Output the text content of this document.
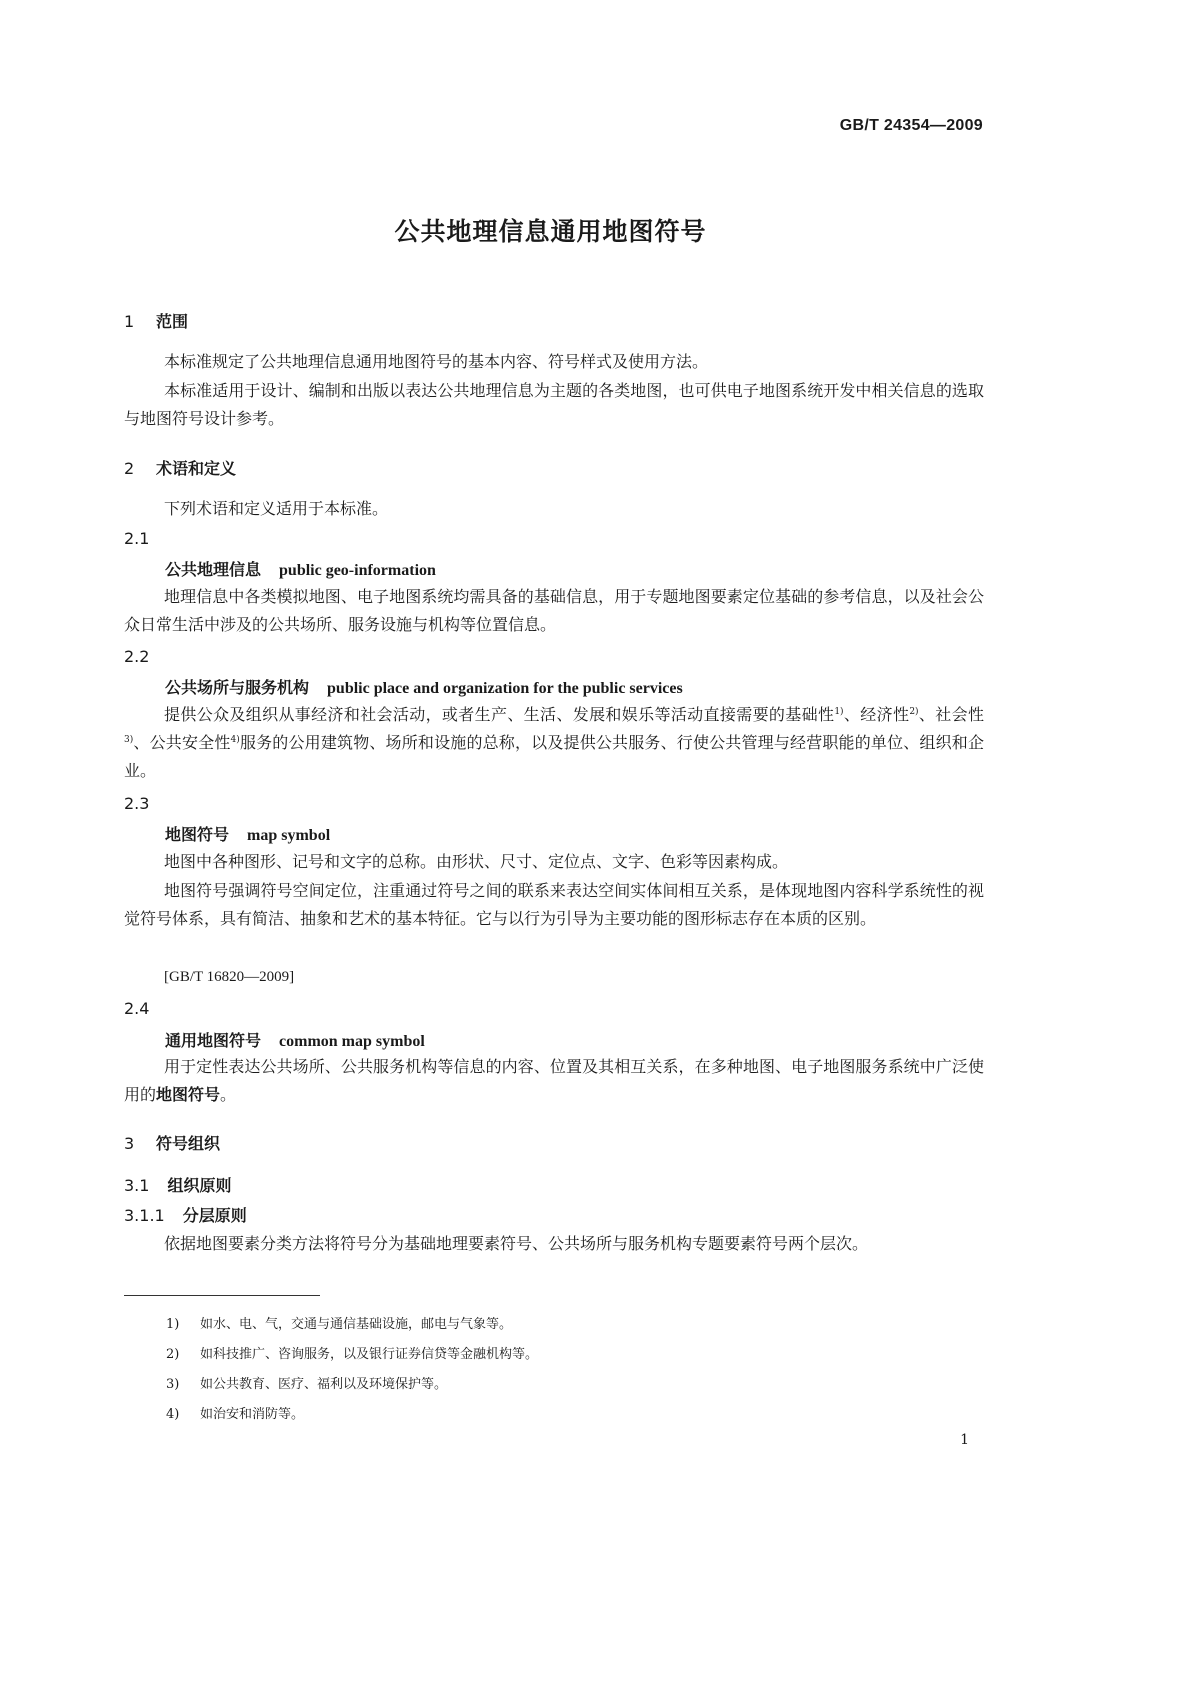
GB/T 24354—2009
公共地理信息通用地图符号
1 范围

本标准规定了公共地理信息通用地图符号的基本内容、符号样式及使用方法。

本标准适用于设计、编制和出版以表达公共地理信息为主题的各类地图，也可供电子地图系统开发中相关信息的选取与地图符号设计参考。

2 术语和定义

下列术语和定义适用于本标准。

2.1
公共地理信息 public geo-information

地理信息中各类模拟地图、电子地图系统均需具备的基础信息，用于专题地图要素定位基础的参考信息，以及社会公众日常生活中涉及的公共场所、服务设施与机构等位置信息。

2.2
公共场所与服务机构 public place and organization for the public services

提供公众及组织从事经济和社会活动，或者生产、生活、发展和娱乐等活动直接需要的基础性$^{1)}$、经济性$^{2)}$、社会性$^{3)}$、公共安全性$^{4)}$服务的公用建筑物、场所和设施的总称，以及提供公共服务、行使公共管理与经营职能的单位、组织和企业。

2.3
地图符号 map symbol

地图中各种图形、记号和文字的总称。由形状、尺寸、定位点、文字、色彩等因素构成。

地图符号强调符号空间定位，注重通过符号之间的联系来表达空间实体间相互关系，是体现地图内容科学系统性的视觉符号体系，具有简洁、抽象和艺术的基本特征。它与以行为引导为主要功能的图形标志存在本质的区别。

[GB/T 16820—2009]
2.4
通用地图符号 common map symbol

用于定性表达公共场所、公共服务机构等信息的内容、位置及其相互关系，在多种地图、电子地图服务系统中广泛使用的地图符号。

3 符号组织
3.1 组织原则
3.1.1 分层原则

依据地图要素分类方法将符号分为基础地理要素符号、公共场所与服务机构专题要素符号两个层次。

1) 如水、电、气，交通与通信基础设施，邮电与气象等。
2) 如科技推广、咨询服务，以及银行证券信贷等金融机构等。
3) 如公共教育、医疗、福利以及环境保护等。
4) 如治安和消防等。
1
